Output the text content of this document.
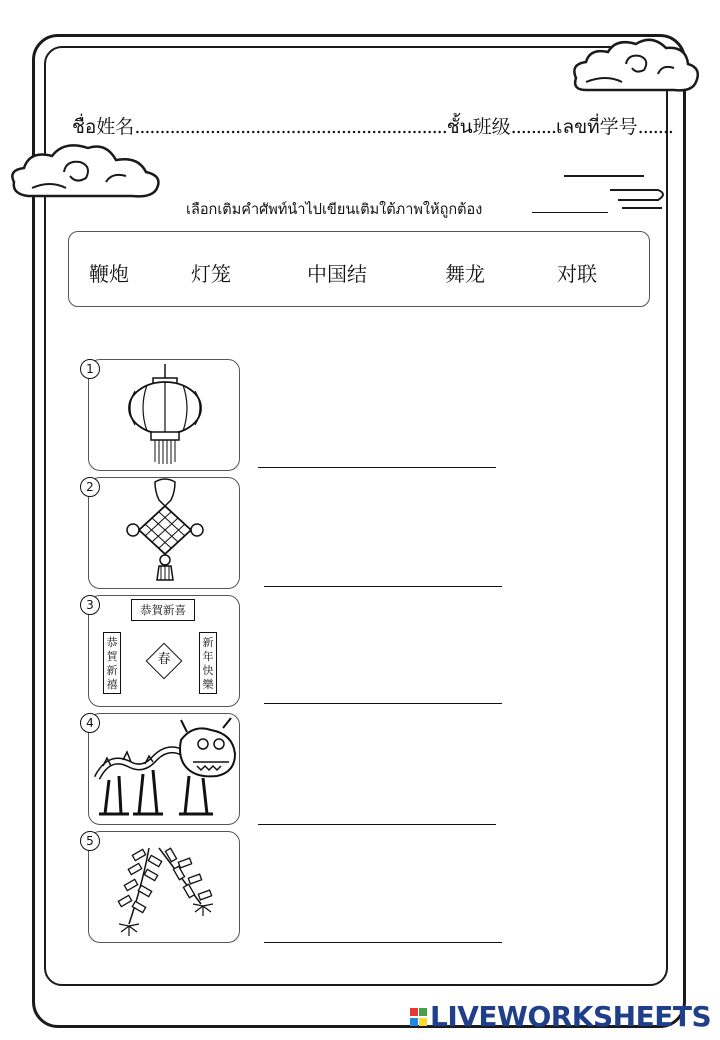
ชื่อ姓名..............................................................ชั้น班级.........เลขที่学号.......
เลือกเติมคำศัพท์นำไปเขียนเติมใต้ภาพให้ถูกต้อง
鞭炮	灯笼	中国结	舞龙	对联
1
2
恭賀新喜
恭賀新禧
春
新年快樂
3
4
5
LIVEWORKSHEETS
